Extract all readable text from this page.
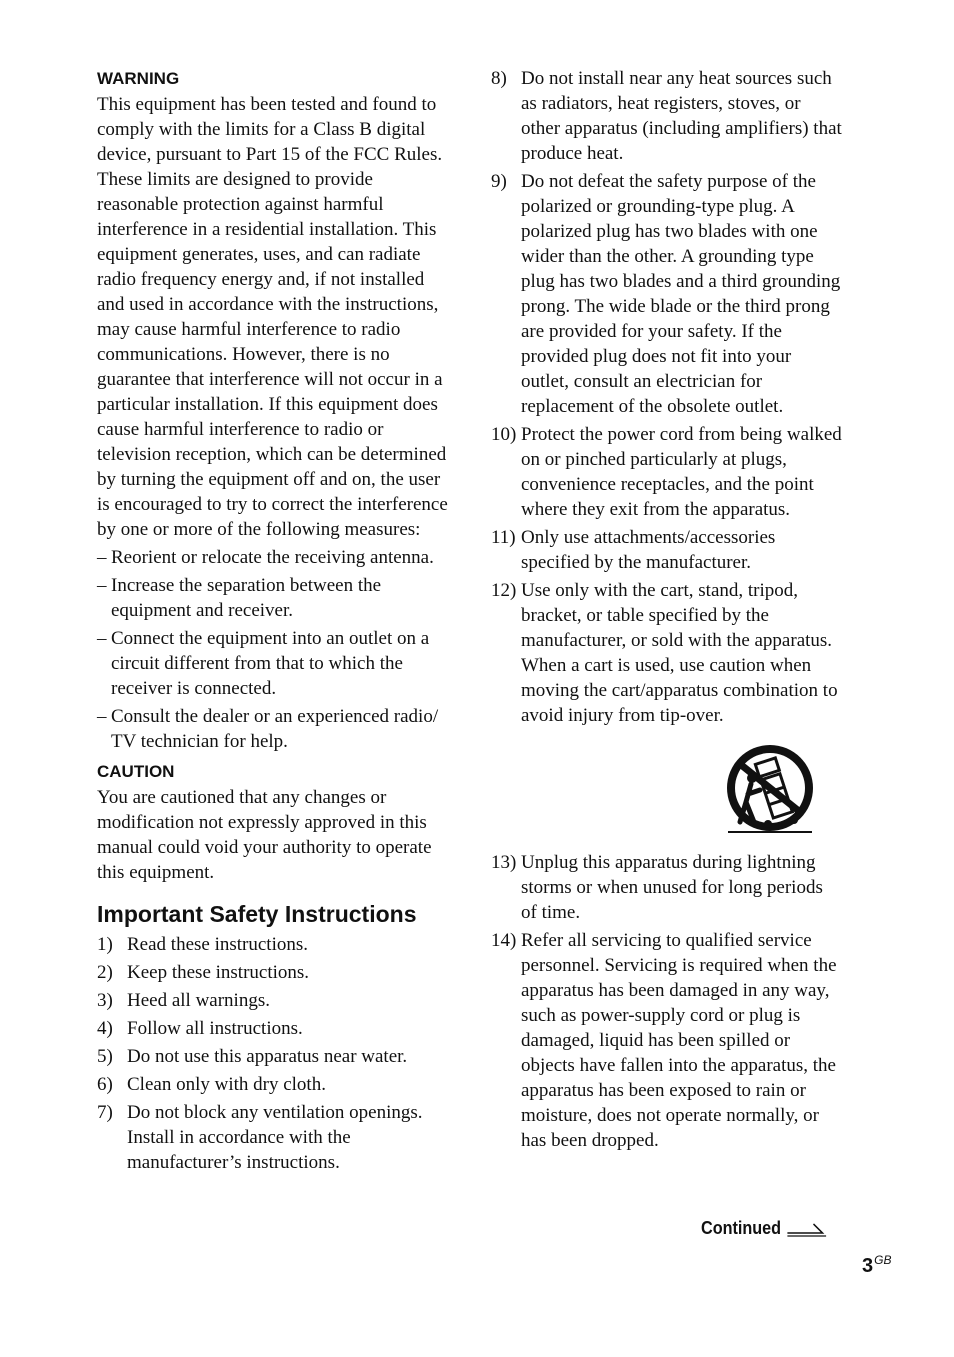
WARNING

This equipment has been tested and found to comply with the limits for a Class B digital device, pursuant to Part 15 of the FCC Rules. These limits are designed to provide reasonable protection against harmful interference in a residential installation. This equipment generates, uses, and can radiate radio frequency energy and, if not installed and used in accordance with the instructions, may cause harmful interference to radio communications. However, there is no guarantee that interference will not occur in a particular installation. If this equipment does cause harmful interference to radio or television reception, which can be determined by turning the equipment off and on, the user is encouraged to try to correct the interference by one or more of the following measures:

– Reorient or relocate the receiving antenna.
– Increase the separation between the equipment and receiver.
– Connect the equipment into an outlet on a circuit different from that to which the receiver is connected.
– Consult the dealer or an experienced radio/ TV technician for help.
CAUTION

You are cautioned that any changes or modification not expressly approved in this manual could void your authority to operate this equipment.

Important Safety Instructions
1) Read these instructions.
2) Keep these instructions.
3) Heed all warnings.
4) Follow all instructions.
5) Do not use this apparatus near water.
6) Clean only with dry cloth.
7) Do not block any ventilation openings. Install in accordance with the manufacturer’s instructions.
8) Do not install near any heat sources such as radiators, heat registers, stoves, or other apparatus (including amplifiers) that produce heat.
9) Do not defeat the safety purpose of the polarized or grounding-type plug. A polarized plug has two blades with one wider than the other. A grounding type plug has two blades and a third grounding prong. The wide blade or the third prong are provided for your safety. If the provided plug does not fit into your outlet, consult an electrician for replacement of the obsolete outlet.
10) Protect the power cord from being walked on or pinched particularly at plugs, convenience receptacles, and the point where they exit from the apparatus.
11) Only use attachments/accessories specified by the manufacturer.
12) Use only with the cart, stand, tripod, bracket, or table specified by the manufacturer, or sold with the apparatus. When a cart is used, use caution when moving the cart/apparatus combination to avoid injury from tip-over.
13) Unplug this apparatus during lightning storms or when unused for long periods of time.
14) Refer all servicing to qualified service personnel. Servicing is required when the apparatus has been damaged in any way, such as power-supply cord or plug is damaged, liquid has been spilled or objects have fallen into the apparatus, the apparatus has been exposed to rain or moisture, does not operate normally, or has been dropped.
Continued
$3^{GB}$
